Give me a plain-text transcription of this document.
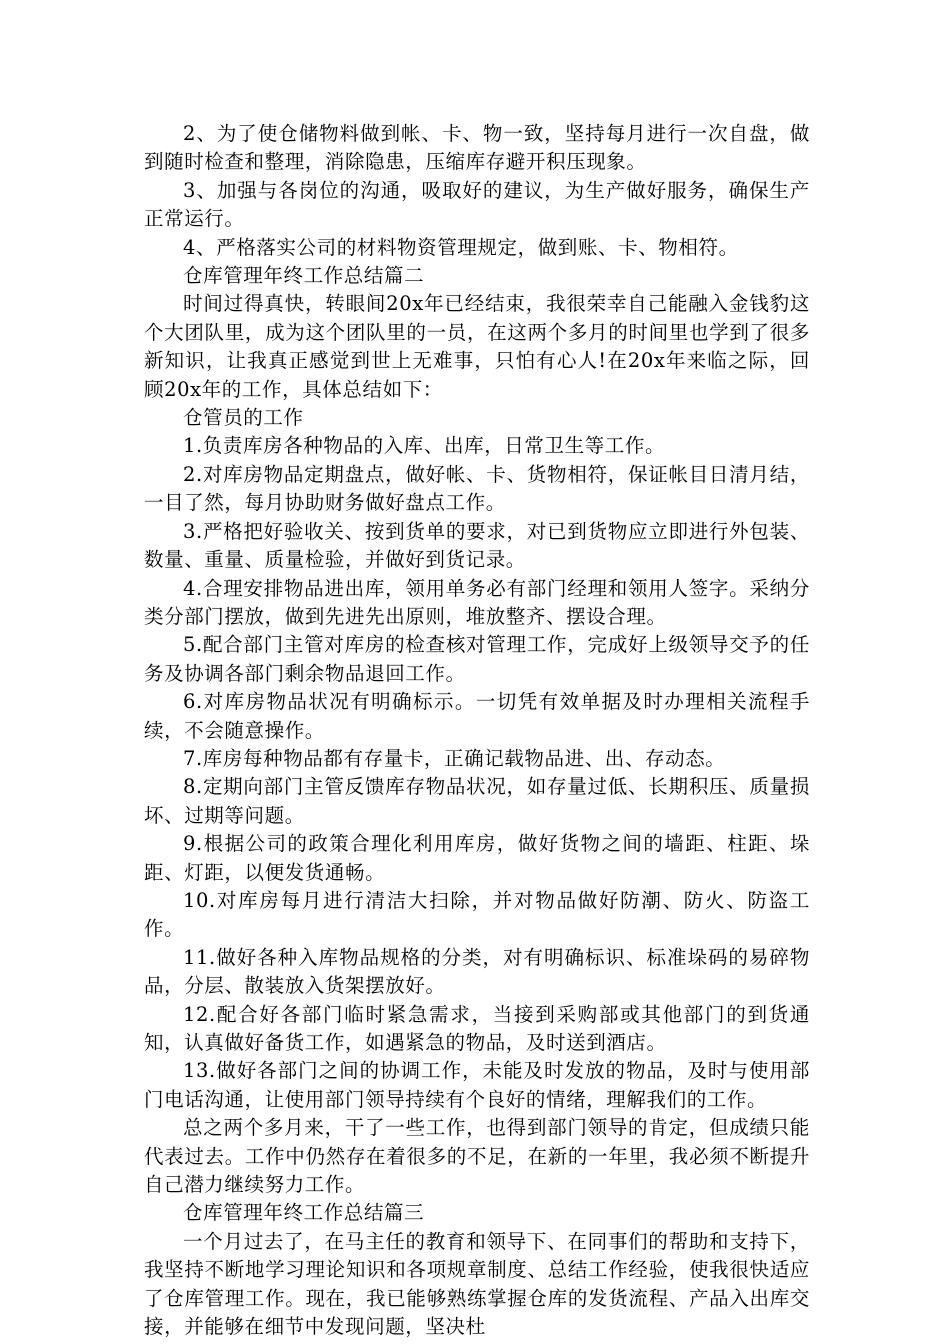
2、为了使仓储物料做到帐、卡、物一致，坚持每月进行一次自盘，做到随时检查和整理，消除隐患，压缩库存避开积压现象。

3、加强与各岗位的沟通，吸取好的建议，为生产做好服务，确保生产正常运行。

4、严格落实公司的材料物资管理规定，做到账、卡、物相符。

仓库管理年终工作总结篇二

时间过得真快，转眼间20x年已经结束，我很荣幸自己能融入金钱豹这个大团队里，成为这个团队里的一员，在这两个多月的时间里也学到了很多新知识，让我真正感觉到世上无难事，只怕有心人!在20x年来临之际，回顾20x年的工作，具体总结如下：

仓管员的工作

1.负责库房各种物品的入库、出库，日常卫生等工作。

2.对库房物品定期盘点，做好帐、卡、货物相符，保证帐目日清月结，一目了然，每月协助财务做好盘点工作。

3.严格把好验收关、按到货单的要求，对已到货物应立即进行外包装、数量、重量、质量检验，并做好到货记录。

4.合理安排物品进出库，领用单务必有部门经理和领用人签字。采纳分类分部门摆放，做到先进先出原则，堆放整齐、摆设合理。

5.配合部门主管对库房的检查核对管理工作，完成好上级领导交予的任务及协调各部门剩余物品退回工作。

6.对库房物品状况有明确标示。一切凭有效单据及时办理相关流程手续，不会随意操作。

7.库房每种物品都有存量卡，正确记载物品进、出、存动态。

8.定期向部门主管反馈库存物品状况，如存量过低、长期积压、质量损坏、过期等问题。

9.根据公司的政策合理化利用库房，做好货物之间的墙距、柱距、垛距、灯距，以便发货通畅。

10.对库房每月进行清洁大扫除，并对物品做好防潮、防火、防盗工作。

11.做好各种入库物品规格的分类，对有明确标识、标准垛码的易碎物品，分层、散装放入货架摆放好。

12.配合好各部门临时紧急需求，当接到采购部或其他部门的到货通知，认真做好备货工作，如遇紧急的物品，及时送到酒店。

13.做好各部门之间的协调工作，未能及时发放的物品，及时与使用部门电话沟通，让使用部门领导持续有个良好的情绪，理解我们的工作。

总之两个多月来，干了一些工作，也得到部门领导的肯定，但成绩只能代表过去。工作中仍然存在着很多的不足，在新的一年里，我必须不断提升自己潜力继续努力工作。

仓库管理年终工作总结篇三

一个月过去了，在马主任的教育和领导下、在同事们的帮助和支持下，我坚持不断地学习理论知识和各项规章制度、总结工作经验，使我很快适应了仓库管理工作。现在，我已能够熟练掌握仓库的发货流程、产品入出库交接，并能够在细节中发现问题，坚决杜
